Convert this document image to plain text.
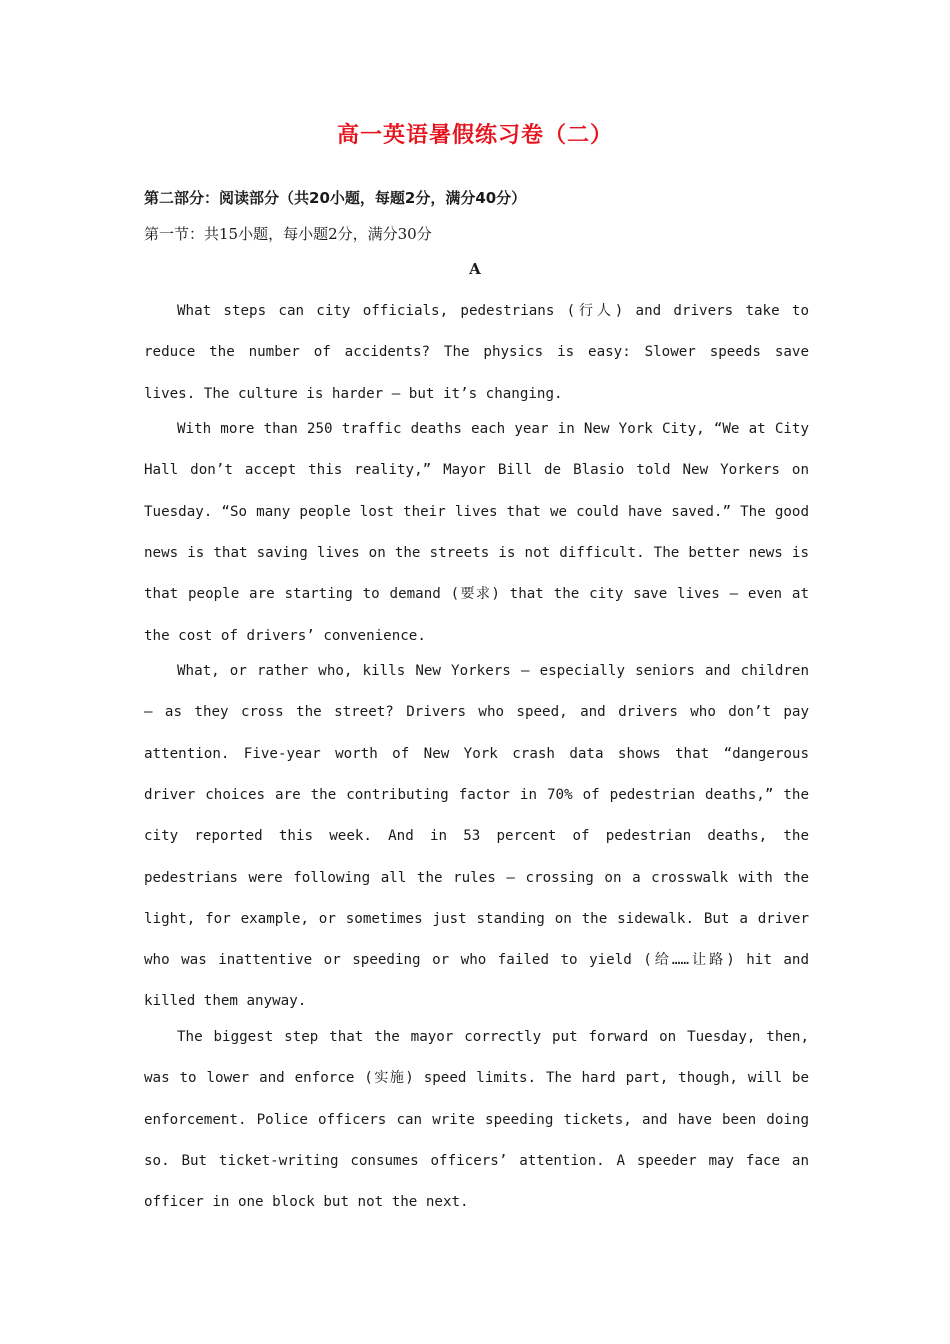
高一英语暑假练习卷（二）
第二部分：阅读部分（共20小题，每题2分，满分40分）
第一节：共15小题，每小题2分，满分30分
A

What steps can city officials, pedestrians (行人) and drivers take to reduce the number of accidents? The physics is easy: Slower speeds save lives. The culture is harder — but it’s changing.

With more than 250 traffic deaths each year in New York City, “We at City Hall don’t accept this reality,” Mayor Bill de Blasio told New Yorkers on Tuesday. “So many people lost their lives that we could have saved.” The good news is that saving lives on the streets is not difficult. The better news is that people are starting to demand (要求) that the city save lives — even at the cost of drivers’ convenience.

What, or rather who, kills New Yorkers — especially seniors and children — as they cross the street? Drivers who speed, and drivers who don’t pay attention. Five-year worth of New York crash data shows that “dangerous driver choices are the contributing factor in 70% of pedestrian deaths,” the city reported this week. And in 53 percent of pedestrian deaths, the pedestrians were following all the rules — crossing on a crosswalk with the light, for example, or sometimes just standing on the sidewalk. But a driver who was inattentive or speeding or who failed to yield (给……让路) hit and killed them anyway.

The biggest step that the mayor correctly put forward on Tuesday, then, was to lower and enforce (实施) speed limits. The hard part, though, will be enforcement. Police officers can write speeding tickets, and have been doing so. But ticket-writing consumes officers’ attention. A speeder may face an officer in one block but not the next.
